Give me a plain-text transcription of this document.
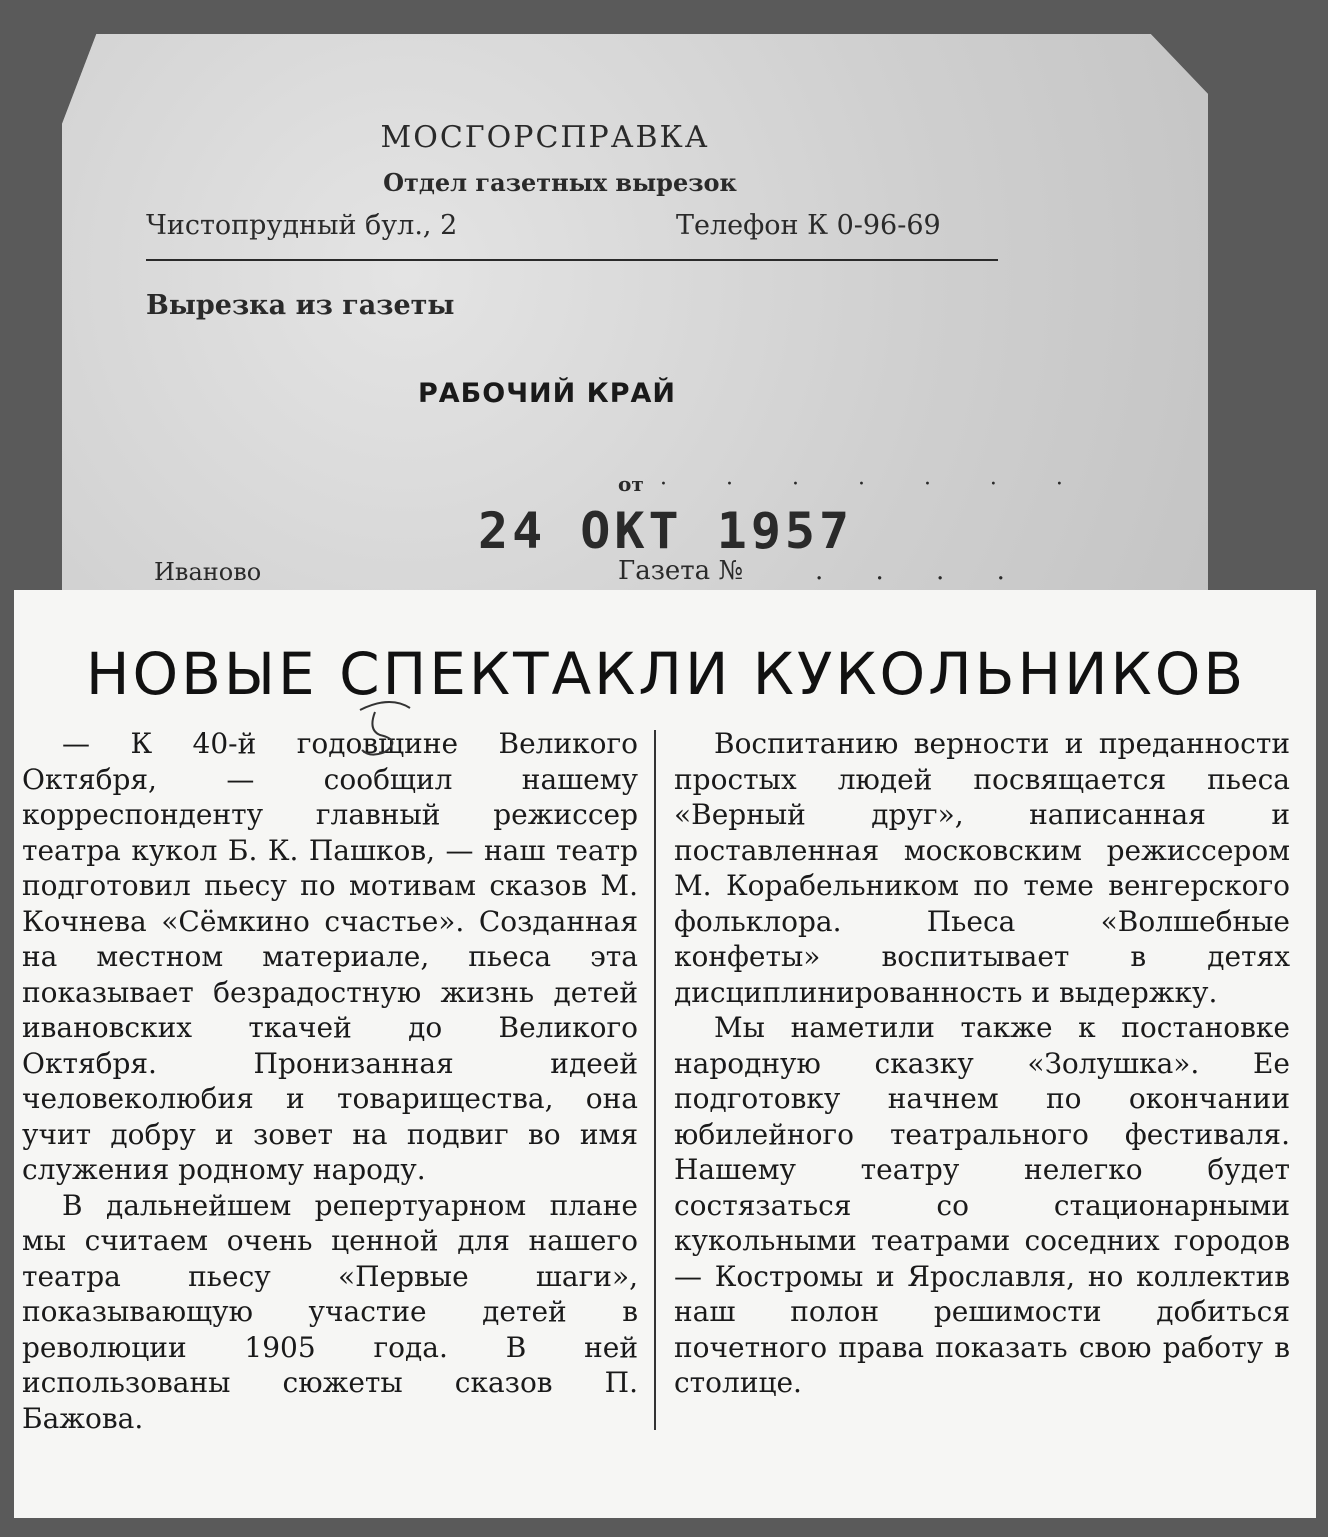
МОСГОРСПРАВКА
Отдел газетных вырезок
Чистопрудный бул., 2	Телефон К 0-96-69
Вырезка из газеты
РАБОЧИЙ КРАЙ
от · · · · · · ·
24 ОКТ 1957
Иваново	Газета №	. . . .
НОВЫЕ СПЕКТАКЛИ КУКОЛЬНИКОВ

— К 40-й годовщине Великого Октября, — сообщил нашему корреспонденту главный режиссер театра кукол Б. К. Пашков, — наш театр подготовил пьесу по мотивам сказов М. Кочнева «Сёмкино счастье». Созданная на местном материале, пьеса эта показывает безрадостную жизнь детей ивановских ткачей до Великого Октября. Пронизанная идеей человеколюбия и товарищества, она учит добру и зовет на подвиг во имя служения родному народу.

В дальнейшем репертуарном плане мы считаем очень ценной для нашего театра пьесу «Первые шаги», показывающую участие детей в революции 1905 года. В ней использованы сюжеты сказов П. Бажова.

Воспитанию верности и преданности простых людей посвящается пьеса «Верный друг», написанная и поставленная московским режиссером М. Корабельником по теме венгерского фольклора. Пьеса «Волшебные конфеты» воспитывает в детях дисциплинированность и выдержку.

Мы наметили также к постановке народную сказку «Золушка». Ее подготовку начнем по окончании юбилейного театрального фестиваля. Нашему театру нелегко будет состязаться со стационарными кукольными театрами соседних городов — Костромы и Ярославля, но коллектив наш полон решимости добиться почетного права показать свою работу в столице.
